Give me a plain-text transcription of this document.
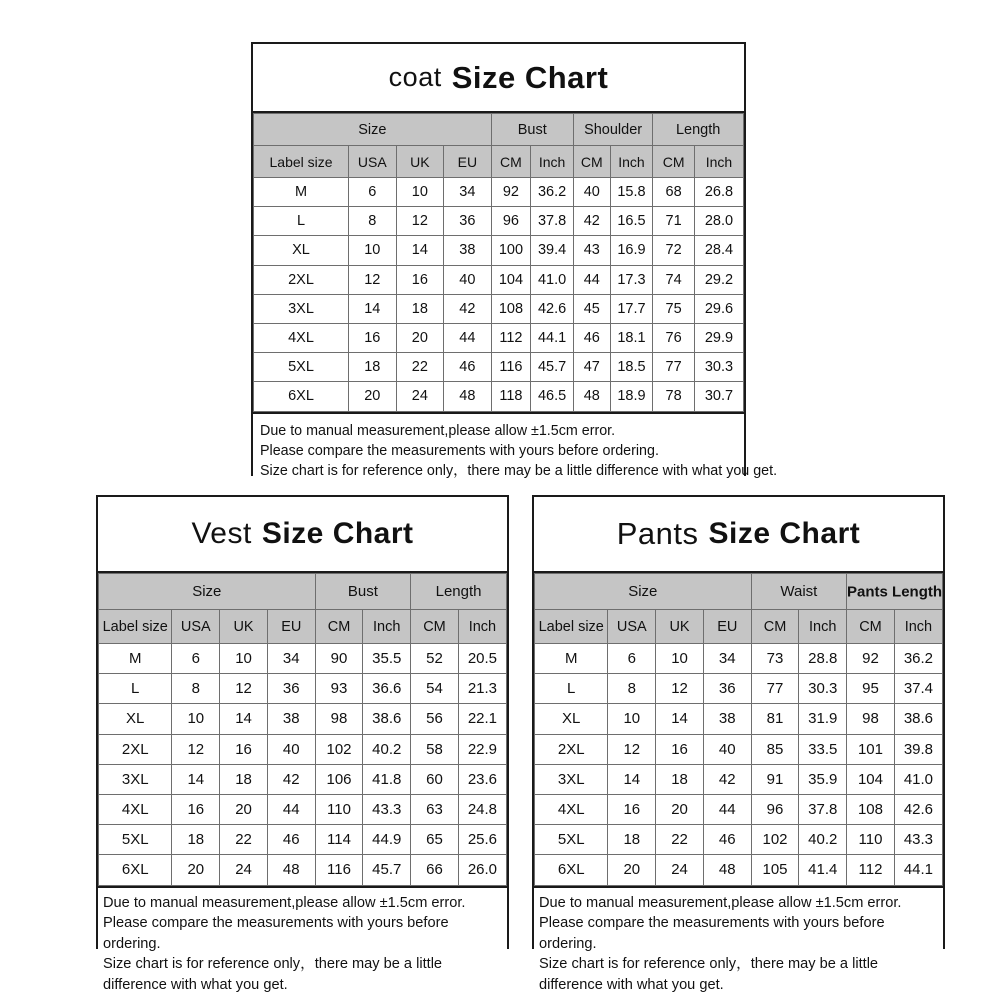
coat Size Chart
Size				Bust		Shoulder		Length	
Label size	USA	UK	EU	CM	Inch	CM	Inch	CM	Inch
M	6	10	34	92	36.2	40	15.8	68	26.8
L	8	12	36	96	37.8	42	16.5	71	28.0
XL	10	14	38	100	39.4	43	16.9	72	28.4
2XL	12	16	40	104	41.0	44	17.3	74	29.2
3XL	14	18	42	108	42.6	45	17.7	75	29.6
4XL	16	20	44	112	44.1	46	18.1	76	29.9
5XL	18	22	46	116	45.7	47	18.5	77	30.3
6XL	20	24	48	118	46.5	48	18.9	78	30.7
Due to manual measurement,please allow ±1.5cm error.
Please compare the measurements with yours before ordering.
Size chart is for reference only，there may be a little difference with what you get.
Vest Size Chart
Size				Bust		Length	
Label size	USA	UK	EU	CM	Inch	CM	Inch
M	6	10	34	90	35.5	52	20.5
L	8	12	36	93	36.6	54	21.3
XL	10	14	38	98	38.6	56	22.1
2XL	12	16	40	102	40.2	58	22.9
3XL	14	18	42	106	41.8	60	23.6
4XL	16	20	44	110	43.3	63	24.8
5XL	18	22	46	114	44.9	65	25.6
6XL	20	24	48	116	45.7	66	26.0
Due to manual measurement,please allow ±1.5cm error.
Please compare the measurements with yours before ordering.
Size chart is for reference only，there may be a little difference with what you get.
Pants Size Chart
Size				Waist		Pants Length	

Label size	USA	UK	EU	CM	Inch	CM	Inch
M	6	10	34	73	28.8	92	36.2
L	8	12	36	77	30.3	95	37.4
XL	10	14	38	81	31.9	98	38.6
2XL	12	16	40	85	33.5	101	39.8
3XL	14	18	42	91	35.9	104	41.0
4XL	16	20	44	96	37.8	108	42.6
5XL	18	22	46	102	40.2	110	43.3
6XL	20	24	48	105	41.4	112	44.1
Due to manual measurement,please allow ±1.5cm error.
Please compare the measurements with yours before ordering.
Size chart is for reference only，there may be a little difference with what you get.
